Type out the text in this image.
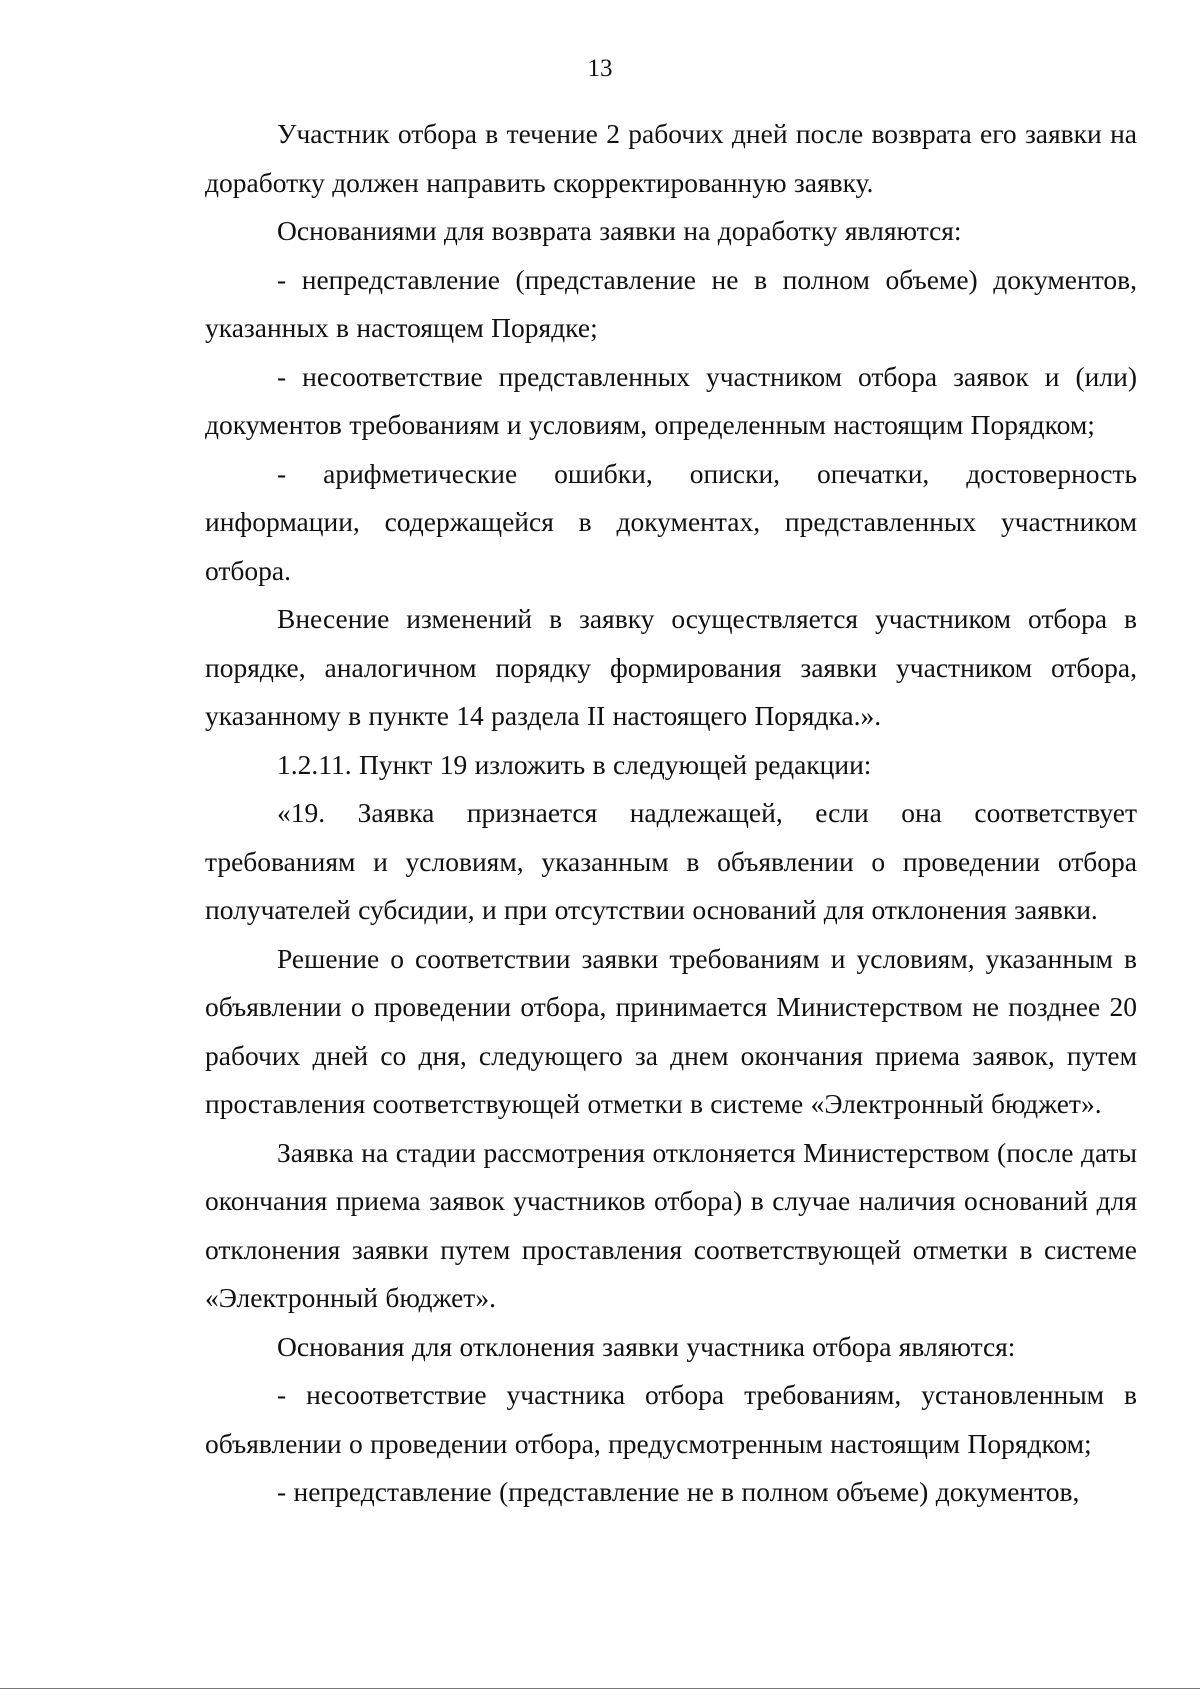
13

Участник отбора в течение 2 рабочих дней после возврата его заявки на доработку должен направить скорректированную заявку.

Основаниями для возврата заявки на доработку являются:

- непредставление (представление не в полном объеме) документов, указанных в настоящем Порядке;

- несоответствие представленных участником отбора заявок и (или) документов требованиям и условиям, определенным настоящим Порядком;

- арифметические ошибки, описки, опечатки, достоверность информации, содержащейся в документах, представленных участником отбора.

Внесение изменений в заявку осуществляется участником отбора в порядке, аналогичном порядку формирования заявки участником отбора, указанному в пункте 14 раздела II настоящего Порядка.».

1.2.11. Пункт 19 изложить в следующей редакции:

«19. Заявка признается надлежащей, если она соответствует требованиям и условиям, указанным в объявлении о проведении отбора получателей субсидии, и при отсутствии оснований для отклонения заявки.

Решение о соответствии заявки требованиям и условиям, указанным в объявлении о проведении отбора, принимается Министерством не позднее 20 рабочих дней со дня, следующего за днем окончания приема заявок, путем проставления соответствующей отметки в системе «Электронный бюджет».

Заявка на стадии рассмотрения отклоняется Министерством (после даты окончания приема заявок участников отбора) в случае наличия оснований для отклонения заявки путем проставления соответствующей отметки в системе «Электронный бюджет».

Основания для отклонения заявки участника отбора являются:

- несоответствие участника отбора требованиям, установленным в объявлении о проведении отбора, предусмотренным настоящим Порядком;

- непредставление (представление не в полном объеме) документов,
